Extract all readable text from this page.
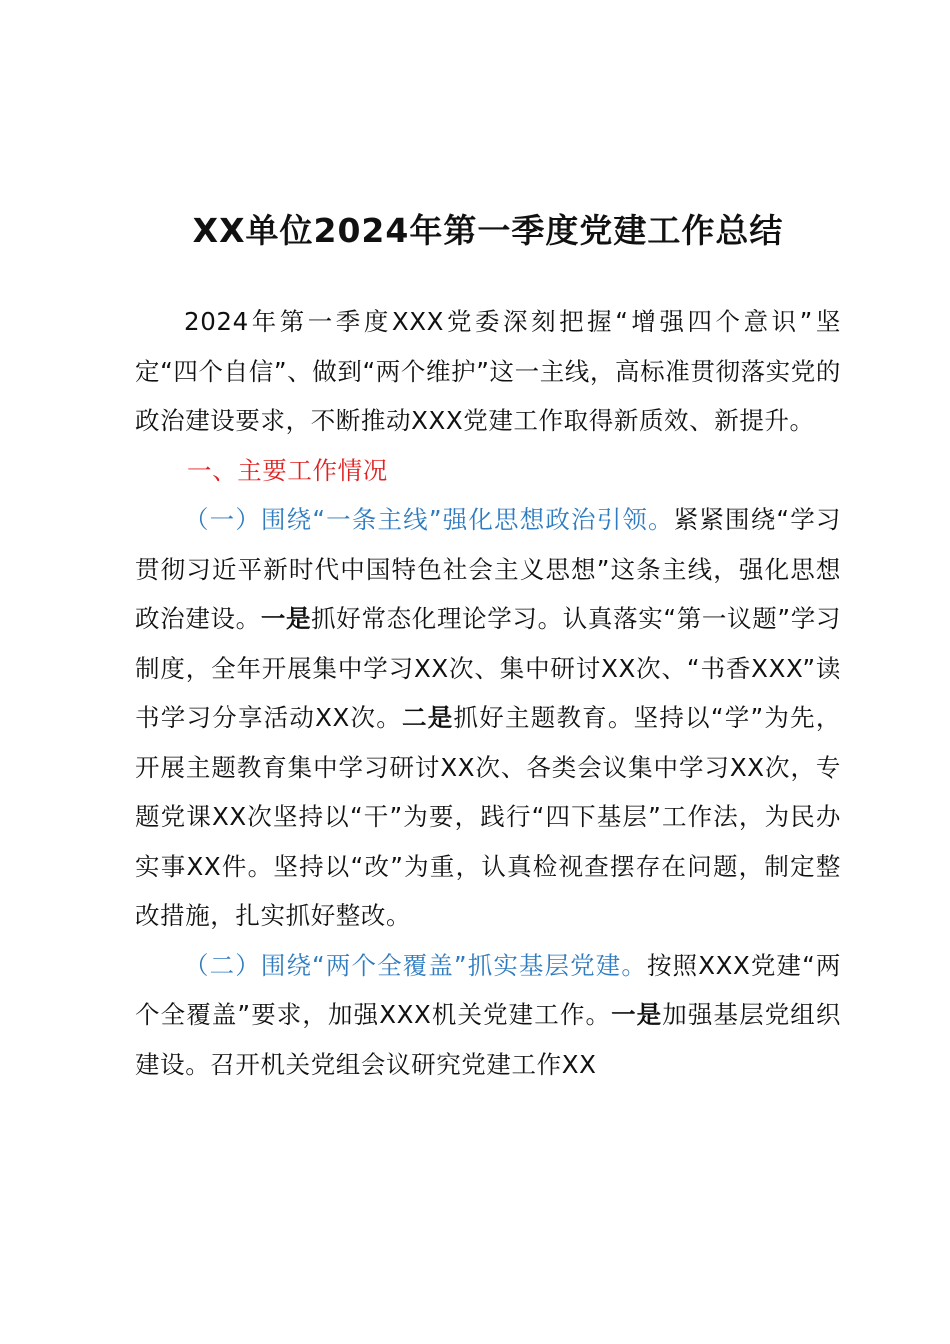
XX单位2024年第一季度党建工作总结

2024年第一季度XXX党委深刻把握“增强四个意识”坚定“四个自信”、做到“两个维护”这一主线，高标准贯彻落实党的政治建设要求，不断推动XXX党建工作取得新质效、新提升。

一、主要工作情况

（一）围绕“一条主线”强化思想政治引领。紧紧围绕“学习贯彻习近平新时代中国特色社会主义思想”这条主线，强化思想政治建设。一是抓好常态化理论学习。认真落实“第一议题”学习制度，全年开展集中学习XX次、集中研讨XX次、“书香XXX”读书学习分享活动XX次。二是抓好主题教育。坚持以“学”为先，开展主题教育集中学习研讨XX次、各类会议集中学习XX次，专题党课XX次坚持以“干”为要，践行“四下基层”工作法，为民办实事XX件。坚持以“改”为重，认真检视查摆存在问题，制定整改措施，扎实抓好整改。

（二）围绕“两个全覆盖”抓实基层党建。按照XXX党建“两个全覆盖”要求，加强XXX机关党建工作。一是加强基层党组织建设。召开机关党组会议研究党建工作XX
